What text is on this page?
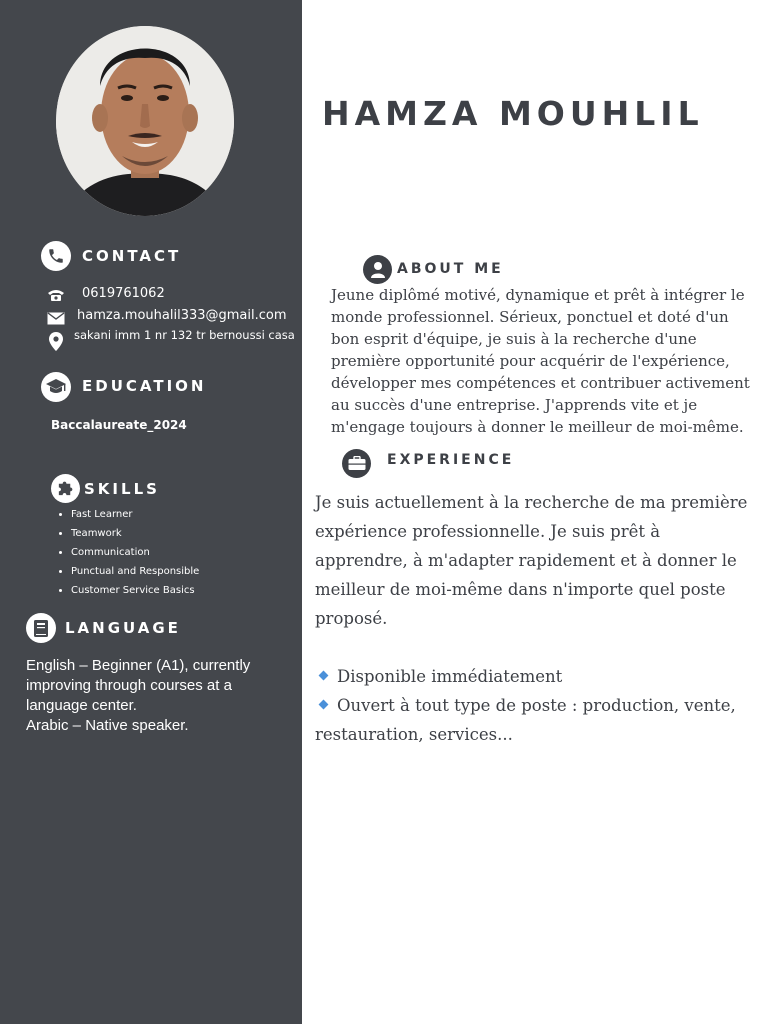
CONTACT
0619761062
hamza.mouhalil333@gmail.com
sakani imm 1 nr 132 tr bernoussi casa
EDUCATION
Baccalaureate_2024
SKILLS
• Fast Learner
• Teamwork
• Communication
• Punctual and Responsible
• Customer Service Basics
LANGUAGE
English – Beginner (A1), currently improving through courses at a language center.
Arabic – Native speaker.
HAMZA MOUHLIL
ABOUT ME
Jeune diplômé motivé, dynamique et prêt à intégrer le monde professionnel. Sérieux, ponctuel et doté d'un bon esprit d'équipe, je suis à la recherche d'une première opportunité pour acquérir de l'expérience, développer mes compétences et contribuer activement au succès d'une entreprise. J'apprends vite et je m'engage toujours à donner le meilleur de moi-même.
EXPERIENCE

Je suis actuellement à la recherche de ma première expérience professionnelle. Je suis prêt à apprendre, à m'adapter rapidement et à donner le meilleur de moi-même dans n'importe quel poste proposé.

Disponible immédiatement

Ouvert à tout type de poste : production, vente, restauration, services...
